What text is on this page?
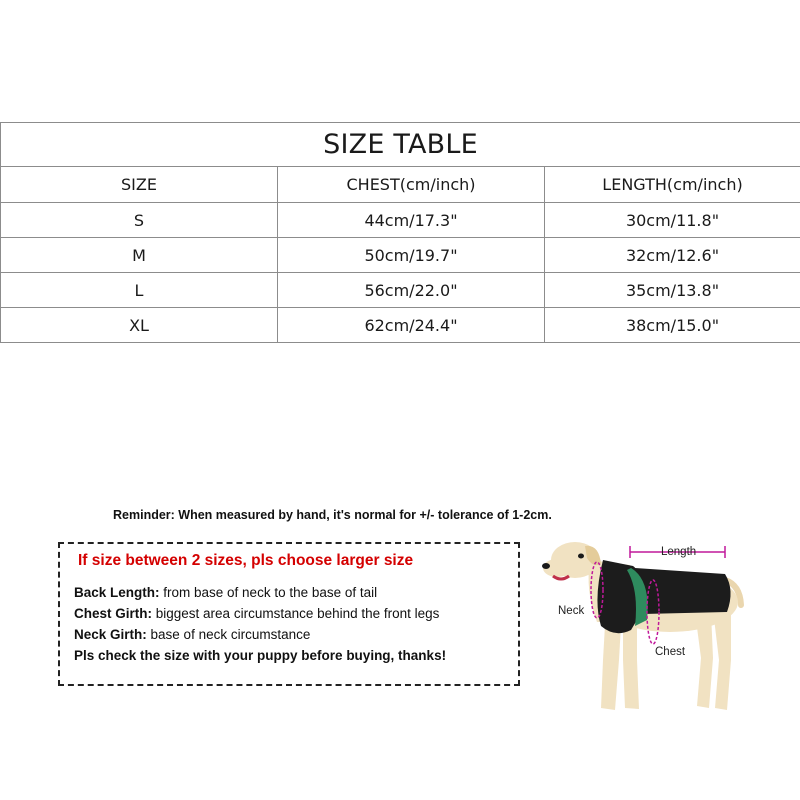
SIZE TABLE		
SIZE	CHEST(cm/inch)	LENGTH(cm/inch)
S	44cm/17.3"	30cm/11.8"
M	50cm/19.7"	32cm/12.6"
L	56cm/22.0"	35cm/13.8"
XL	62cm/24.4"	38cm/15.0"
Reminder: When measured by hand, it's normal for +/- tolerance of 1-2cm.
If size between 2 sizes, pls choose larger size
Back Length: from base of neck to the base of tail
Chest Girth: biggest area circumstance behind the front legs
Neck Girth: base of neck circumstance
Pls check the size with your puppy before buying, thanks!
Length
Neck
Chest
